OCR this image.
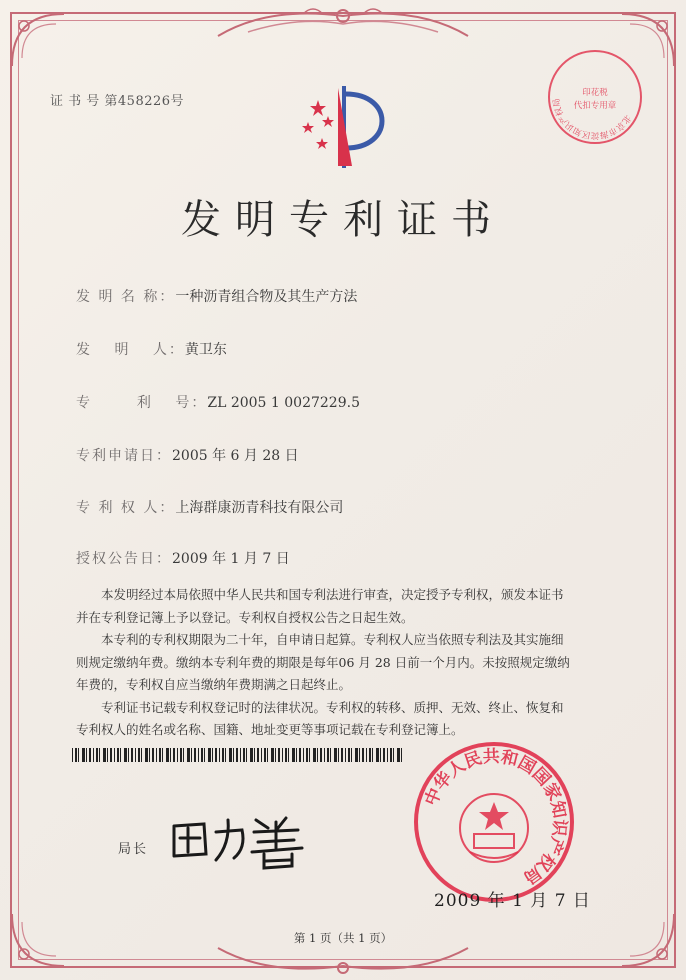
证 书 号 第458226号
发明专利证书
发 明 名 称：一种沥青组合物及其生产方法
发　 明　 人：黄卫东
专　 　 利　 号：ZL 2005 1 0027229.5
专利申请日：2005 年 6 月 28 日
专 利 权 人：上海群康沥青科技有限公司
授权公告日：2009 年 1 月 7 日

本发明经过本局依照中华人民共和国专利法进行审查，决定授予专利权，颁发本证书

并在专利登记簿上予以登记。专利权自授权公告之日起生效。

本专利的专利权期限为二十年，自申请日起算。专利权人应当依照专利法及其实施细

则规定缴纳年费。缴纳本专利年费的期限是每年06 月 28 日前一个月内。未按照规定缴纳

年费的，专利权自应当缴纳年费期满之日起终止。

专利证书记载专利权登记时的法律状况。专利权的转移、质押、无效、终止、恢复和

专利权人的姓名或名称、国籍、地址变更等事项记载在专利登记簿上。

局长
中华人民共和国国家知识产权局
北京市海淀区知识产权局
印花税
代扣专用章
2009 年 1 月 7 日
第 1 页（共 1 页）
